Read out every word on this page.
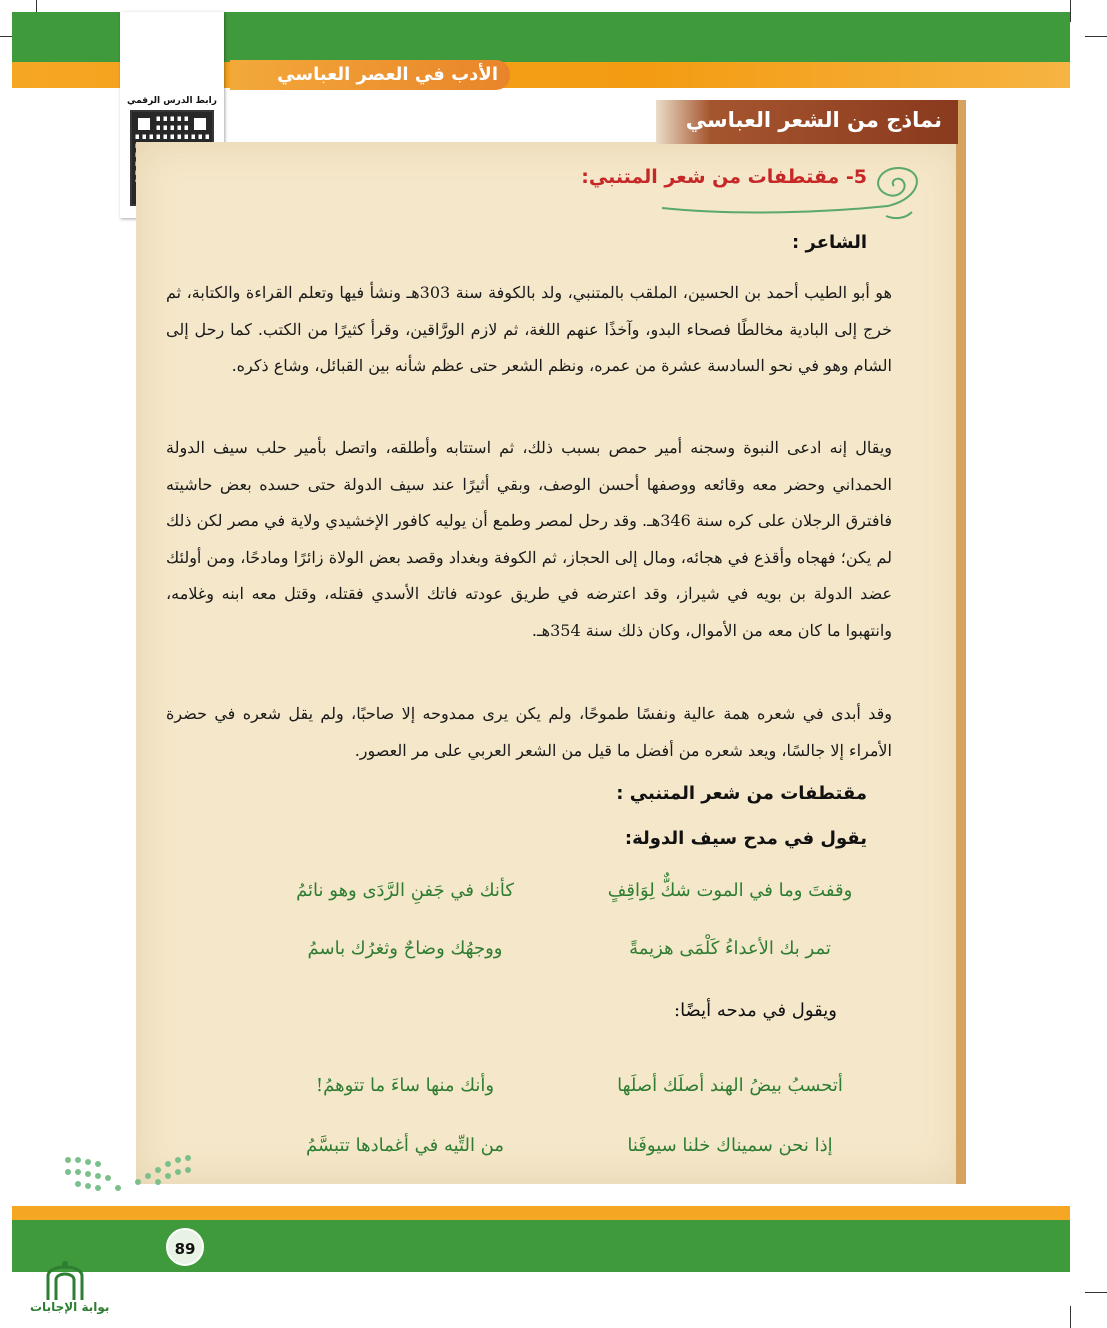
الأدب في العصر العباسي
رابط الدرس الرقمي
نماذج من الشعر العباسي
5- مقتطفات من شعر المتنبي:
الشاعر :

هو أبو الطيب أحمد بن الحسين، الملقب بالمتنبي، ولد بالكوفة سنة 303هـ ونشأ فيها وتعلم القراءة والكتابة، ثم خرج إلى البادية مخالطًا فصحاء البدو، وآخذًا عنهم اللغة، ثم لازم الورَّاقين، وقرأ كثيرًا من الكتب. كما رحل إلى الشام وهو في نحو السادسة عشرة من عمره، ونظم الشعر حتى عظم شأنه بين القبائل، وشاع ذكره.

ويقال إنه ادعى النبوة وسجنه أمير حمص بسبب ذلك، ثم استتابه وأطلقه، واتصل بأمير حلب سيف الدولة الحمداني وحضر معه وقائعه ووصفها أحسن الوصف، وبقي أثيرًا عند سيف الدولة حتى حسده بعض حاشيته فافترق الرجلان على كره سنة 346هـ. وقد رحل لمصر وطمع أن يوليه كافور الإخشيدي ولاية في مصر لكن ذلك لم يكن؛ فهجاه وأقذع في هجائه، ومال إلى الحجاز، ثم الكوفة وبغداد وقصد بعض الولاة زائرًا ومادحًا، ومن أولئك عضد الدولة بن بويه في شيراز، وقد اعترضه في طريق عودته فاتك الأسدي فقتله، وقتل معه ابنه وغلامه، وانتهبوا ما كان معه من الأموال، وكان ذلك سنة 354هـ.

وقد أبدى في شعره همة عالية ونفسًا طموحًا، ولم يكن يرى ممدوحه إلا صاحبًا، ولم يقل شعره في حضرة الأمراء إلا جالسًا، ويعد شعره من أفضل ما قيل من الشعر العربي على مر العصور.

مقتطفات من شعر المتنبي :
يقول في مدح سيف الدولة:
وقفتَ وما في الموت شكٌّ لِوَاقِفٍ
كأنك في جَفنِ الرَّدَى وهو نائمُ
تمر بك الأعداءُ كَلْمَى هزيمةً
ووجهُك وضاحٌ وثغرُك باسمُ
ويقول في مدحه أيضًا:
أتحسبُ بيضُ الهند أصلَك أصلَها
وأنك منها ساءَ ما تتوهمُ!
إذا نحن سميناك خلنا سيوفَنا
من التِّيه في أغمادها تتبسَّمُ
89
بوابة الإجابات
